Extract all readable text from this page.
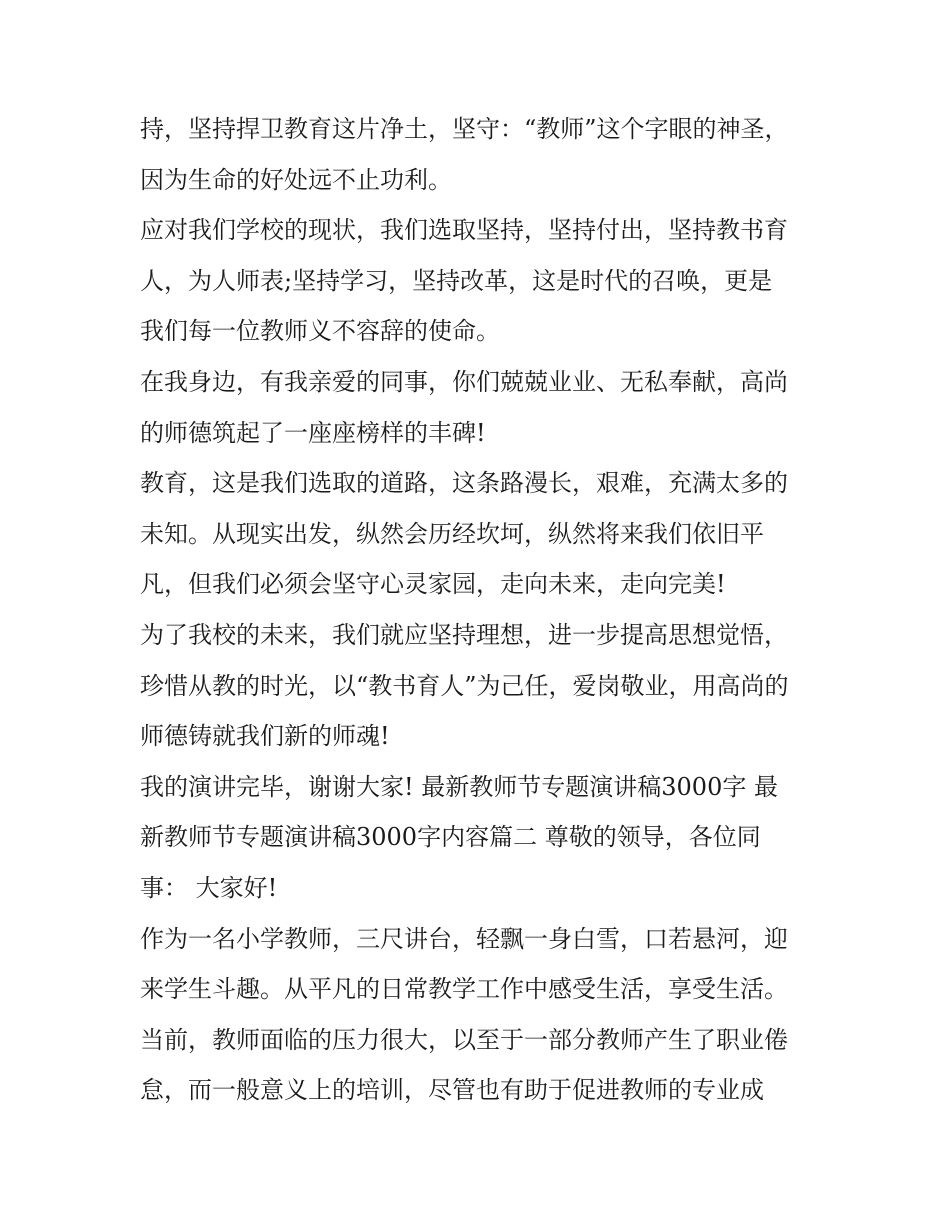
持，坚持捍卫教育这片净土，坚守：“教师”这个字眼的神圣，
因为生命的好处远不止功利。
应对我们学校的现状，我们选取坚持，坚持付出，坚持教书育
人，为人师表;坚持学习，坚持改革，这是时代的召唤，更是
我们每一位教师义不容辞的使命。
在我身边，有我亲爱的同事，你们兢兢业业、无私奉献，高尚
的师德筑起了一座座榜样的丰碑!
教育，这是我们选取的道路，这条路漫长，艰难，充满太多的
未知。从现实出发，纵然会历经坎坷，纵然将来我们依旧平
凡，但我们必须会坚守心灵家园，走向未来，走向完美!
为了我校的未来，我们就应坚持理想，进一步提高思想觉悟，
珍惜从教的时光，以“教书育人”为己任，爱岗敬业，用高尚的
师德铸就我们新的师魂!
我的演讲完毕，谢谢大家! 最新教师节专题演讲稿3000字 最
新教师节专题演讲稿3000字内容篇二 尊敬的领导，各位同
事： 大家好!
作为一名小学教师，三尺讲台，轻飘一身白雪，口若悬河，迎
来学生斗趣。从平凡的日常教学工作中感受生活，享受生活。
当前，教师面临的压力很大，以至于一部分教师产生了职业倦
怠，而一般意义上的培训，尽管也有助于促进教师的专业成
